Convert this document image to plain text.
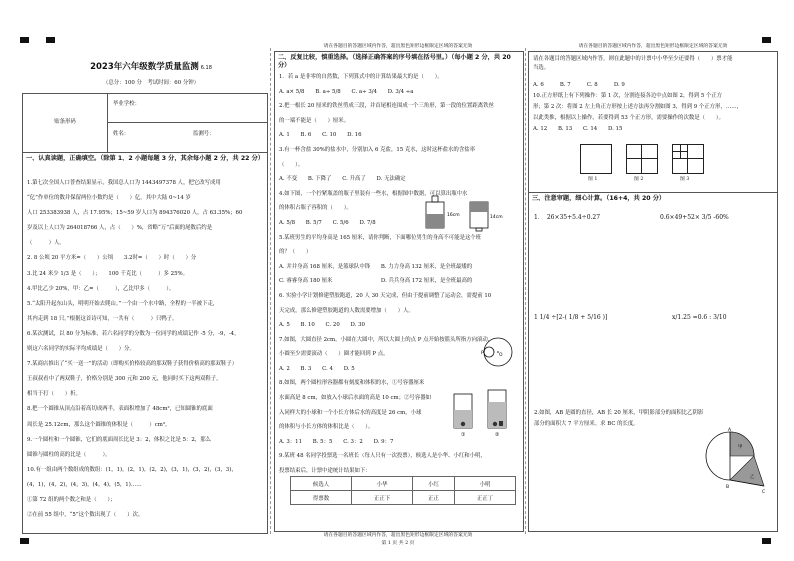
2023年六年级数学质量监测 6.18
（总分：100 分　考试时间：60 分钟）
贴条形码
毕业学校：
姓名：	监测号：
一、认真读题，正确填空。（除第 1、2 小题每题 3 分，其余每小题 2 分，共 22 分）
1.第七次全国人口普查结果显示，我国总人口为 1443497378 人，把它改写成用
“亿”作单位的数并保留两位小数约是（　　）亿。其中大陆 0~14 岁
人口 253383938 人，占 17.95%；15~59 岁人口为 894376020 人，占 63.35%；60
岁及以上人口为 264018766 人，占（　　）%，省略“万”后面的尾数后约是
（　　　）人。
2. 8 公顷 20 平方米=（　　）公顷　　3.2时=（　　）时（　　）分
3.比 24 米少 1/3 是（　　）；　　100 千克比（　　　）多 25%。
4.甲比乙少 20%，甲：乙=（　　　），乙比甲多（　　　）。
5.“太阳升起东山头，明明开始去爬山。”一个由一个水中路，全程的一半被下走，
其内走到 18 只。”根据这首诗可知，一共有（　　　）只鸭子。
6.某次测试，以 80 分为标准，若六名同学的分数为一位同学的成绩记作 -5 分，-9，-4，
则这六名同学的实际平均成绩是（　　）分。
7.某商店推出了“买一送一”的活动（即购买价格较高的那双鞋子获得价格高的那双鞋子）
王叔叔看中了两双鞋子，价格分别是 300 元和 200 元，他同时买下这两双鞋子，
相当于打（　　）折。
8.把一个圆锥从顶点沿着高切成两半，表面积增加了 48cm²，已知圆锥的底面
周长是 25.12cm，那么这个圆锥的体积是（　　　）cm³。
9.一个圆柱和一个圆锥，它们的底面周长比是 3：2，体积之比是 5：2，那么
圆锥与圆柱的高的比是（　　　）。
10.有一组由两个数组成的数组：(1，1)，(2，1)，(2，2)，(3，1)，(3，2)，(3，3)，
(4，1)，(4，2)，(4，3)，(4，4)，(5，1)……
①第 72 组的两个数之和是（　　）；
②在前 55 组中，“5”这个数出现了（　　）次。
请在各题目的答题区域内作答，超出黑色矩形边框限定区域的答案无效
二、反复比较，慎重选择。（选择正确答案的序号填在括号里。）（每小题 2 分，共 20 分）
1．若 a 是非零的自然数，下列算式中的计算结果最大的是（　　）。
A. a× 5/8　　B. a÷ 5/8　　C. a÷ 3/4　　D. 3/4 ÷a
2.把一根长 20 厘米的铁丝剪成三段，并首尾相连围成一个三角形，第一段的位置距离铁丝
的一端不能是（　　）厘米。
A. 1　　B. 6　　C. 10　　D. 16
3.有一杯含盐 30%的盐水中，分别加入 6 克盐，15 克水，这时这杯盐水的含盐率
（　　）。
A. 不变　　B. 下降了　　C. 升高了　　D. 无法确定
4.如下图，一个拧紧瓶盖的瓶子里装有一些水，根据图中数据，可以算出瓶中水
的体积占瓶子容积的（　　）。
A. 5/8　　B. 5/7　　C. 5/6　　D. 7/8
5.某班男生的平均身高是 165 厘米，请你判断，下面哪位男生的身高不可能是这个班
的？（　　）
A. 并并身高 168 厘米，是篮球队中锋　　B. 力力身高 132 厘米，是全班最矮的
C. 睿睿身高 180 厘米　　　　　　　　　D. 兵兵身高 172 厘米，是全班最高的
6. 实验小学计划修建塑胶跑道，20 人 30 天完成，但由于提前调整了运动会，需提前 10
天完成，那么修建塑胶跑道的人数需要增加（　　）人。
A. 5　　B. 10　　C. 20　　D. 30
7.如图，大圆直径 2cm，小圆在大圆中，所以大圆上的点 P 点开始按篮头所指方向滚动，
小圆至少需要滚动（　　）圈才能回到 P 点。
A. 2　　B. 3　　C. 4　　D. 5
8.如图，两个圆柱形容器都有刻度和体积的水，①号容器厘米
水面高是 8 cm，如放入小球后水面的高是 10 cm；②号容器如
入同样大的小球和一个小长方体后水的高度是 26 cm，小球
的体积与小长方体的体积比是（　　）。
A. 3：11　　B. 5：5　　C. 3：2　　D. 9：7
9.某班 48 名同学投票选一名班长（每人只有一次投票），候选人是小华、小红和小明，
投票结束后，计票中途统计结果如下：
16cm	14cm
O
P
①	②
候选人	小华	小红	小明
得票数	正正下	正正	正正丁
请在各题目的答题区域内作答，超出黑色矩形边框限定区域的答案无效
第 1 页 共 2 页
请在各题目的答题区域内作答，超出黑色矩形边框限定区域的答案无效
请在各题目的答题区域内作答，则在此题中的计票中小华至少还要得（　　）票才能
当选。
A. 6　　　B. 7　　　C. 8　　　D. 9
10.正方形纸上有下列操作：第 1 次，分割连接各边中点如图 2，得到 5 个正方
形；第 2 次：将图 2 左上角正方形按上述方法再分割如图 3，得到 9 个正方形，……，
以此类推，根据以上操作，若要得到 53 个正方形，需要操作的次数是（　　）。
A. 12　　B. 13　　C. 14　　D. 15
图 1	图 2	图 3
三、注意审题，细心计算。（16+4，共 20 分）
1．　26×35+5.4÷0.27	0.6×49+52× 3/5 -60%
1 1/4 ÷[2-( 1/8 + 5/16 )]	x/1.25 =0.6 : 3/10
2.如图，AB 是圆的直径，AB 长 20 厘米，甲阴影部分的面积比乙阴影
部分的面积大 7 平方厘米。求 BC 的长度。
A
B
C
甲
乙
